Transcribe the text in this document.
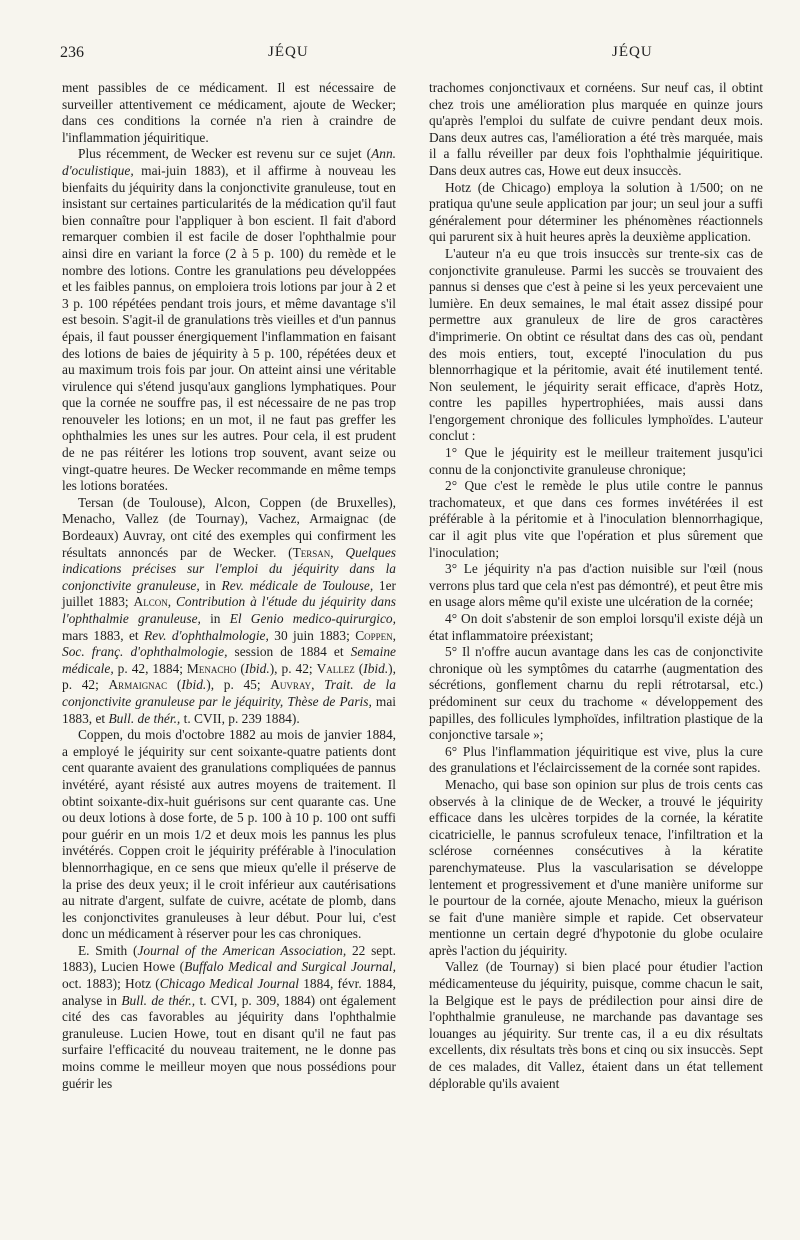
236	JÉQU	JÉQU

ment passibles de ce médicament. Il est nécessaire de surveiller attentivement ce médicament, ajoute de Wecker; dans ces conditions la cornée n'a rien à craindre de l'inflammation jéquiritique.

Plus récemment, de Wecker est revenu sur ce sujet (Ann. d'oculistique, mai-juin 1883), et il affirme à nouveau les bienfaits du jéquirity dans la conjonctivite granuleuse, tout en insistant sur certaines particularités de la médication qu'il faut bien connaître pour l'appliquer à bon escient. Il fait d'abord remarquer combien il est facile de doser l'ophthalmie pour ainsi dire en variant la force (2 à 5 p. 100) du remède et le nombre des lotions. Contre les granulations peu développées et les faibles pannus, on emploiera trois lotions par jour à 2 et 3 p. 100 répétées pendant trois jours, et même davantage s'il est besoin. S'agit-il de granulations très vieilles et d'un pannus épais, il faut pousser énergiquement l'inflammation en faisant des lotions de baies de jéquirity à 5 p. 100, répétées deux et au maximum trois fois par jour. On atteint ainsi une véritable virulence qui s'étend jusqu'aux ganglions lymphatiques. Pour que la cornée ne souffre pas, il est nécessaire de ne pas trop renouveler les lotions; en un mot, il ne faut pas greffer les ophthalmies les unes sur les autres. Pour cela, il est prudent de ne pas réitérer les lotions trop souvent, avant seize ou vingt-quatre heures. De Wecker recommande en même temps les lotions boratées.

Tersan (de Toulouse), Alcon, Coppen (de Bruxelles), Menacho, Vallez (de Tournay), Vachez, Armaignac (de Bordeaux) Auvray, ont cité des exemples qui confirment les résultats annoncés par de Wecker. (Tersan, Quelques indications précises sur l'emploi du jéquirity dans la conjonctivite granuleuse, in Rev. médicale de Toulouse, 1er juillet 1883; Alcon, Contribution à l'étude du jéquirity dans l'ophthalmie granuleuse, in El Genio medico-quirurgico, mars 1883, et Rev. d'ophthalmologie, 30 juin 1883; Coppen, Soc. franç. d'ophthalmologie, session de 1884 et Semaine médicale, p. 42, 1884; Menacho (Ibid.), p. 42; Vallez (Ibid.), p. 42; Armaignac (Ibid.), p. 45; Auvray, Trait. de la conjonctivite granuleuse par le jéquirity, Thèse de Paris, mai 1883, et Bull. de thér., t. CVII, p. 239 1884).

Coppen, du mois d'octobre 1882 au mois de janvier 1884, a employé le jéquirity sur cent soixante-quatre patients dont cent quarante avaient des granulations compliquées de pannus invétéré, ayant résisté aux autres moyens de traitement. Il obtint soixante-dix-huit guérisons sur cent quarante cas. Une ou deux lotions à dose forte, de 5 p. 100 à 10 p. 100 ont suffi pour guérir en un mois 1/2 et deux mois les pannus les plus invétérés. Coppen croit le jéquirity préférable à l'inoculation blennorrhagique, en ce sens que mieux qu'elle il préserve de la prise des deux yeux; il le croit inférieur aux cautérisations au nitrate d'argent, sulfate de cuivre, acétate de plomb, dans les conjonctivites granuleuses à leur début. Pour lui, c'est donc un médicament à réserver pour les cas chroniques.

E. Smith (Journal of the American Association, 22 sept. 1883), Lucien Howe (Buffalo Medical and Surgical Journal, oct. 1883); Hotz (Chicago Medical Journal 1884, févr. 1884, analyse in Bull. de thér., t. CVI, p. 309, 1884) ont également cité des cas favorables au jéquirity dans l'ophthalmie granuleuse. Lucien Howe, tout en disant qu'il ne faut pas surfaire l'efficacité du nouveau traitement, ne le donne pas moins comme le meilleur moyen que nous possédions pour guérir les

trachomes conjonctivaux et cornéens. Sur neuf cas, il obtint chez trois une amélioration plus marquée en quinze jours qu'après l'emploi du sulfate de cuivre pendant deux mois. Dans deux autres cas, l'amélioration a été très marquée, mais il a fallu réveiller par deux fois l'ophthalmie jéquiritique. Dans deux autres cas, Howe eut deux insuccès.

Hotz (de Chicago) employa la solution à 1/500; on ne pratiqua qu'une seule application par jour; un seul jour a suffi généralement pour déterminer les phénomènes réactionnels qui parurent six à huit heures après la deuxième application.

L'auteur n'a eu que trois insuccès sur trente-six cas de conjonctivite granuleuse. Parmi les succès se trouvaient des pannus si denses que c'est à peine si les yeux percevaient une lumière. En deux semaines, le mal était assez dissipé pour permettre aux granuleux de lire de gros caractères d'imprimerie. On obtint ce résultat dans des cas où, pendant des mois entiers, tout, excepté l'inoculation du pus blennorrhagique et la péritomie, avait été inutilement tenté. Non seulement, le jéquirity serait efficace, d'après Hotz, contre les papilles hypertrophiées, mais aussi dans l'engorgement chronique des follicules lymphoïdes. L'auteur conclut :

1° Que le jéquirity est le meilleur traitement jusqu'ici connu de la conjonctivite granuleuse chronique;

2° Que c'est le remède le plus utile contre le pannus trachomateux, et que dans ces formes invétérées il est préférable à la péritomie et à l'inoculation blennorrhagique, car il agit plus vite que l'opération et plus sûrement que l'inoculation;

3° Le jéquirity n'a pas d'action nuisible sur l'œil (nous verrons plus tard que cela n'est pas démontré), et peut être mis en usage alors même qu'il existe une ulcération de la cornée;

4° On doit s'abstenir de son emploi lorsqu'il existe déjà un état inflammatoire préexistant;

5° Il n'offre aucun avantage dans les cas de conjonctivite chronique où les symptômes du catarrhe (augmentation des sécrétions, gonflement charnu du repli rétrotarsal, etc.) prédominent sur ceux du trachome « développement des papilles, des follicules lymphoïdes, infiltration plastique de la conjonctive tarsale »;

6° Plus l'inflammation jéquiritique est vive, plus la cure des granulations et l'éclaircissement de la cornée sont rapides.

Menacho, qui base son opinion sur plus de trois cents cas observés à la clinique de de Wecker, a trouvé le jéquirity efficace dans les ulcères torpides de la cornée, la kératite cicatricielle, le pannus scrofuleux tenace, l'infiltration et la sclérose cornéennes consécutives à la kératite parenchymateuse. Plus la vascularisation se développe lentement et progressivement et d'une manière uniforme sur le pourtour de la cornée, ajoute Menacho, mieux la guérison se fait d'une manière simple et rapide. Cet observateur mentionne un certain degré d'hypotonie du globe oculaire après l'action du jéquirity.

Vallez (de Tournay) si bien placé pour étudier l'action médicamenteuse du jéquirity, puisque, comme chacun le sait, la Belgique est le pays de prédilection pour ainsi dire de l'ophthalmie granuleuse, ne marchande pas davantage ses louanges au jéquirity. Sur trente cas, il a eu dix résultats excellents, dix résultats très bons et cinq ou six insuccès. Sept de ces malades, dit Vallez, étaient dans un état tellement déplorable qu'ils avaient
